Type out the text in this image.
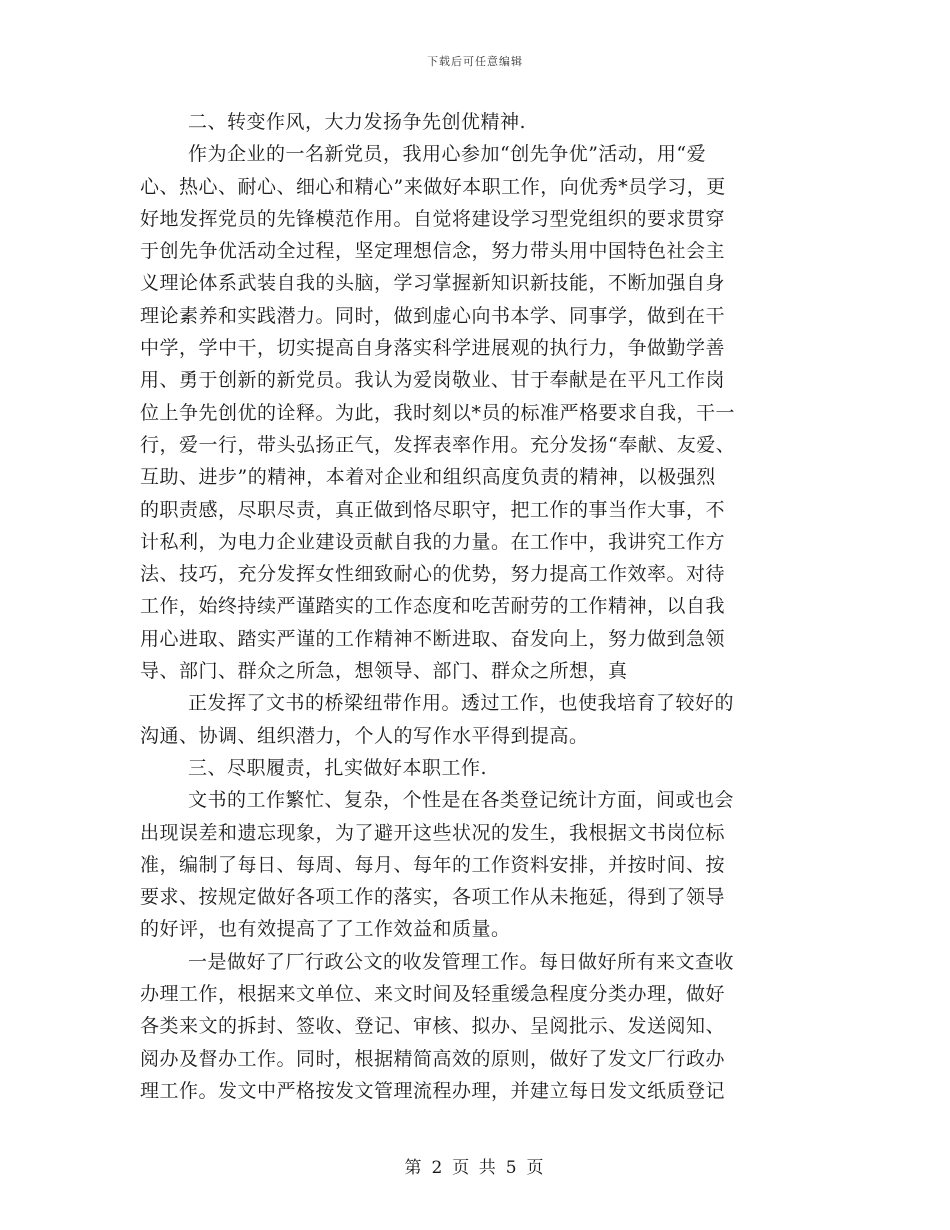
下载后可任意编辑
二、转变作风，大力发扬争先创优精神.
作为企业的一名新党员，我用心参加“创先争优”活动，用“爱
心、热心、耐心、细心和精心”来做好本职工作，向优秀*员学习，更
好地发挥党员的先锋模范作用。自觉将建设学习型党组织的要求贯穿
于创先争优活动全过程，坚定理想信念，努力带头用中国特色社会主
义理论体系武装自我的头脑，学习掌握新知识新技能，不断加强自身
理论素养和实践潜力。同时，做到虚心向书本学、同事学，做到在干
中学，学中干，切实提高自身落实科学进展观的执行力，争做勤学善
用、勇于创新的新党员。我认为爱岗敬业、甘于奉献是在平凡工作岗
位上争先创优的诠释。为此，我时刻以*员的标准严格要求自我，干一
行，爱一行，带头弘扬正气，发挥表率作用。充分发扬“奉献、友爱、
互助、进步”的精神，本着对企业和组织高度负责的精神，以极强烈
的职责感，尽职尽责，真正做到恪尽职守，把工作的事当作大事，不
计私利，为电力企业建设贡献自我的力量。在工作中，我讲究工作方
法、技巧，充分发挥女性细致耐心的优势，努力提高工作效率。对待
工作，始终持续严谨踏实的工作态度和吃苦耐劳的工作精神，以自我
用心进取、踏实严谨的工作精神不断进取、奋发向上，努力做到急领
导、部门、群众之所急，想领导、部门、群众之所想，真
正发挥了文书的桥梁纽带作用。透过工作，也使我培育了较好的
沟通、协调、组织潜力，个人的写作水平得到提高。
三、尽职履责，扎实做好本职工作.
文书的工作繁忙、复杂，个性是在各类登记统计方面，间或也会
出现误差和遗忘现象，为了避开这些状况的发生，我根据文书岗位标
准，编制了每日、每周、每月、每年的工作资料安排，并按时间、按
要求、按规定做好各项工作的落实，各项工作从未拖延，得到了领导
的好评，也有效提高了了工作效益和质量。
一是做好了厂行政公文的收发管理工作。每日做好所有来文查收
办理工作，根据来文单位、来文时间及轻重缓急程度分类办理，做好
各类来文的拆封、签收、登记、审核、拟办、呈阅批示、发送阅知、
阅办及督办工作。同时，根据精简高效的原则，做好了发文厂行政办
理工作。发文中严格按发文管理流程办理，并建立每日发文纸质登记
第 2 页 共 5 页
